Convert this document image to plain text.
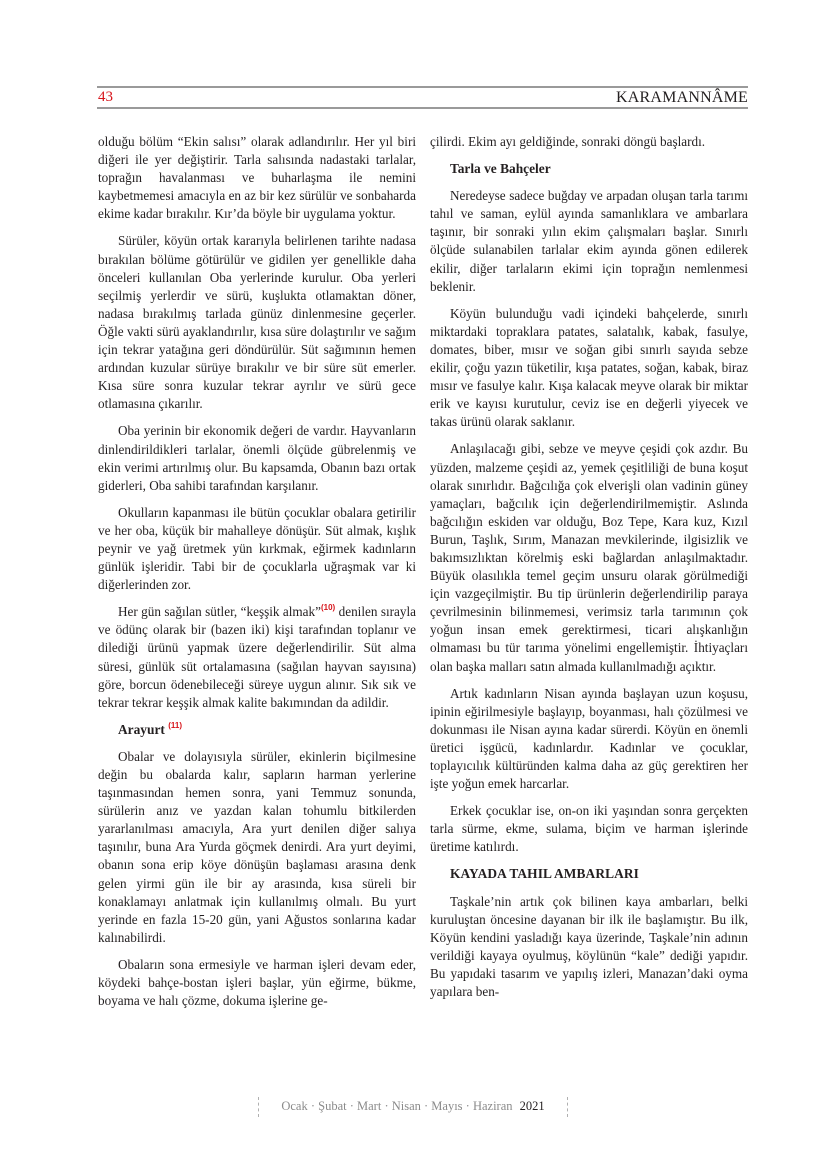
43	KARAMANNÂME

olduğu bölüm “Ekin salısı” olarak adlandırılır. Her yıl biri diğeri ile yer değiştirir. Tarla salısında nadastaki tarlalar, toprağın havalanması ve buharlaşma ile nemini kaybetmemesi amacıyla en az bir kez sürülür ve sonbaharda ekime kadar bırakılır. Kır’da böyle bir uygulama yoktur.

Sürüler, köyün ortak kararıyla belirlenen tarihte nadasa bırakılan bölüme götürülür ve gidilen yer genellikle daha önceleri kullanılan Oba yerlerinde kurulur. Oba yerleri seçilmiş yerlerdir ve sürü, kuşlukta otlamaktan döner, nadasa bırakılmış tarlada günüz dinlenmesine geçerler. Öğle vakti sürü ayaklandırılır, kısa süre dolaştırılır ve sağım için tekrar yatağına geri döndürülür. Süt sağımının hemen ardından kuzular sürüye bırakılır ve bir süre süt emerler. Kısa süre sonra kuzular tekrar ayrılır ve sürü gece otlamasına çıkarılır.

Oba yerinin bir ekonomik değeri de vardır. Hayvanların dinlendirildikleri tarlalar, önemli ölçüde gübrelenmiş ve ekin verimi artırılmış olur. Bu kapsamda, Obanın bazı ortak giderleri, Oba sahibi tarafından karşılanır.

Okulların kapanması ile bütün çocuklar obalara getirilir ve her oba, küçük bir mahalleye dönüşür. Süt almak, kışlık peynir ve yağ üretmek yün kırkmak, eğirmek kadınların günlük işleridir. Tabi bir de çocuklarla uğraşmak var ki diğerlerinden zor.

Her gün sağılan sütler, “keşşik almak”$^{(10)}$ denilen sırayla ve ödünç olarak bir (bazen iki) kişi tarafından toplanır ve dilediği ürünü yapmak üzere değerlendirilir. Süt alma süresi, günlük süt ortalamasına (sağılan hayvan sayısına) göre, borcun ödenebileceği süreye uygun alınır. Sık sık ve tekrar tekrar keşşik almak kalite bakımından da adildir.

Arayurt $^{(11)}$

Obalar ve dolayısıyla sürüler, ekinlerin biçilmesine değin bu obalarda kalır, sapların harman yerlerine taşınmasından hemen sonra, yani Temmuz sonunda, sürülerin anız ve yazdan kalan tohumlu bitkilerden yararlanılması amacıyla, Ara yurt denilen diğer salıya taşınılır, buna Ara Yurda göçmek denirdi. Ara yurt deyimi, obanın sona erip köye dönüşün başlaması arasına denk gelen yirmi gün ile bir ay arasında, kısa süreli bir konaklamayı anlatmak için kullanılmış olmalı. Bu yurt yerinde en fazla 15-20 gün, yani Ağustos sonlarına kadar kalınabilirdi.

Obaların sona ermesiyle ve harman işleri devam eder, köydeki bahçe-bostan işleri başlar, yün eğirme, bükme, boyama ve halı çözme, dokuma işlerine ge-

çilirdi. Ekim ayı geldiğinde, sonraki döngü başlardı.

Tarla ve Bahçeler

Neredeyse sadece buğday ve arpadan oluşan tarla tarımı tahıl ve saman, eylül ayında samanlıklara ve ambarlara taşınır, bir sonraki yılın ekim çalışmaları başlar. Sınırlı ölçüde sulanabilen tarlalar ekim ayında gönen edilerek ekilir, diğer tarlaların ekimi için toprağın nemlenmesi beklenir.

Köyün bulunduğu vadi içindeki bahçelerde, sınırlı miktardaki topraklara patates, salatalık, kabak, fasulye, domates, biber, mısır ve soğan gibi sınırlı sayıda sebze ekilir, çoğu yazın tüketilir, kışa patates, soğan, kabak, biraz mısır ve fasulye kalır. Kışa kalacak meyve olarak bir miktar erik ve kayısı kurutulur, ceviz ise en değerli yiyecek ve takas ürünü olarak saklanır.

Anlaşılacağı gibi, sebze ve meyve çeşidi çok azdır. Bu yüzden, malzeme çeşidi az, yemek çeşitliliği de buna koşut olarak sınırlıdır. Bağcılığa çok elverişli olan vadinin güney yamaçları, bağcılık için değerlendirilmemiştir. Aslında bağcılığın eskiden var olduğu, Boz Tepe, Kara kuz, Kızıl Burun, Taşlık, Sırım, Manazan mevkilerinde, ilgisizlik ve bakımsızlıktan körelmiş eski bağlardan anlaşılmaktadır. Büyük olasılıkla temel geçim unsuru olarak görülmediği için vazgeçilmiştir. Bu tip ürünlerin değerlendirilip paraya çevrilmesinin bilinmemesi, verimsiz tarla tarımının çok yoğun insan emek gerektirmesi, ticari alışkanlığın olmaması bu tür tarıma yönelimi engellemiştir. İhtiyaçları olan başka malları satın almada kullanılmadığı açıktır.

Artık kadınların Nisan ayında başlayan uzun koşusu, ipinin eğirilmesiyle başlayıp, boyanması, halı çözülmesi ve dokunması ile Nisan ayına kadar sürerdi. Köyün en önemli üretici işgücü, kadınlardır. Kadınlar ve çocuklar, toplayıcılık kültüründen kalma daha az güç gerektiren her işte yoğun emek harcarlar.

Erkek çocuklar ise, on-on iki yaşından sonra gerçekten tarla sürme, ekme, sulama, biçim ve harman işlerinde üretime katılırdı.

KAYADA TAHIL AMBARLARI

Taşkale’nin artık çok bilinen kaya ambarları, belki kuruluştan öncesine dayanan bir ilk ile başlamıştır. Bu ilk, Köyün kendini yasladığı kaya üzerinde, Taşkale’nin adının verildiği kayaya oyulmuş, köylünün “kale” dediği yapıdır. Bu yapıdaki tasarım ve yapılış izleri, Manazan’daki oyma yapılara ben-

Ocak · Şubat · Mart · Nisan · Mayıs · Haziran 2021
